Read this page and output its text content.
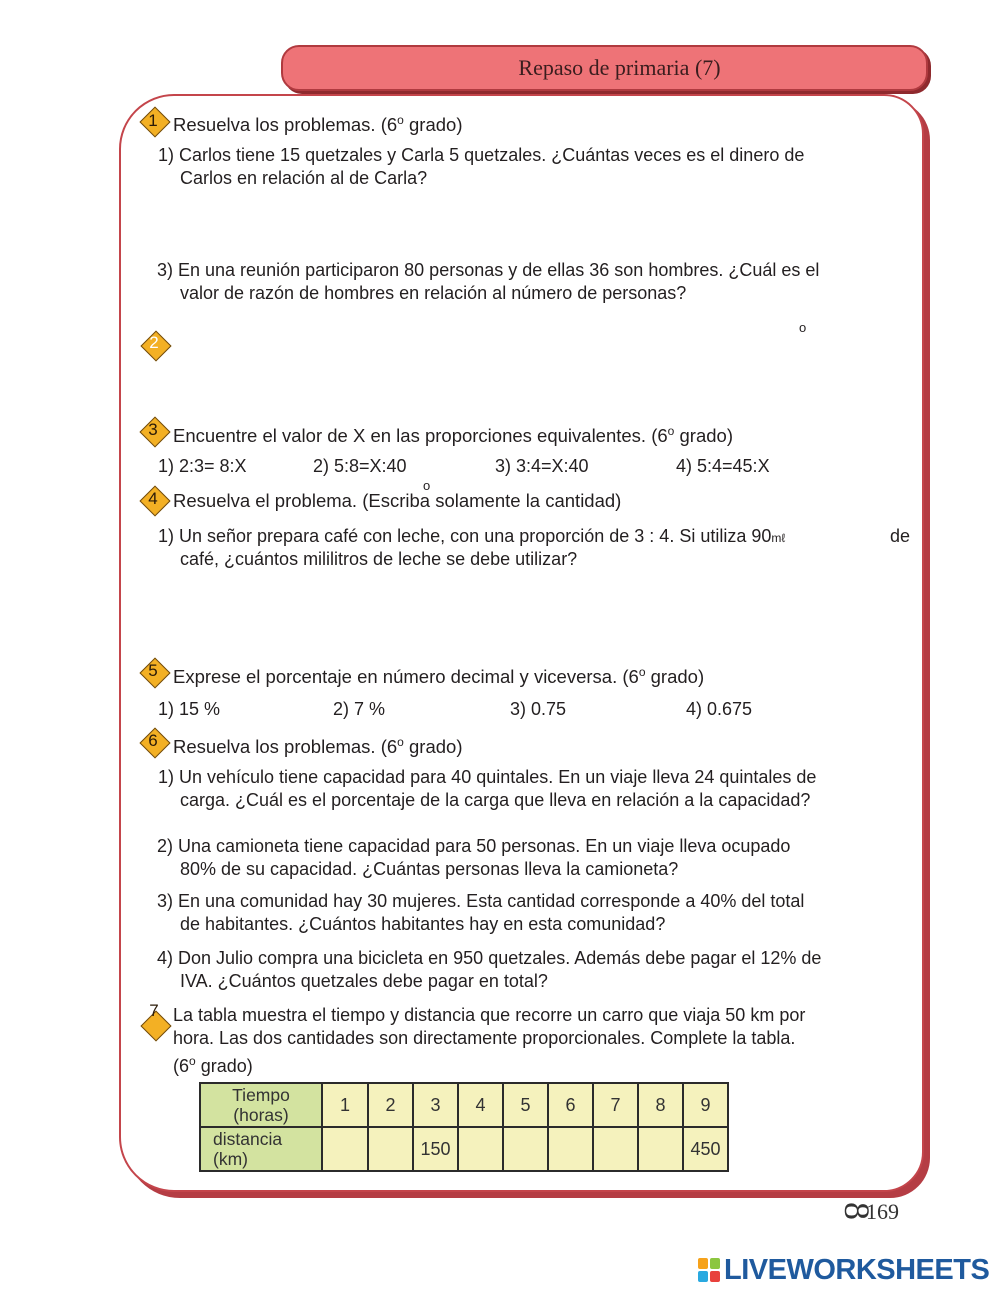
Repaso de primaria (7)
1 Resuelva los problemas. (6$^o$ grado)
1) Carlos tiene 15 quetzales y Carla 5 quetzales. ¿Cuántas veces es el dinero de
Carlos en relación al de Carla?
3) En una reunión participaron 80 personas y de ellas 36 son hombres. ¿Cuál es el
valor de razón de hombres en relación al número de personas?
2
o
3 Encuentre el valor de X en las proporciones equivalentes. (6$^o$ grado)
1) 2:3= 8:X	2) 5:8=X:40	3) 3:4=X:40	4) 5:4=45:X
4 Resuelva el problema. (Escriba solamente la cantidad)
o
1) Un señor prepara café con leche, con una proporción de 3 : 4. Si utiliza 90mℓ	de
café, ¿cuántos mililitros de leche se debe utilizar?
5 Exprese el porcentaje en número decimal y viceversa. (6$^o$ grado)
1) 15 %	2) 7 %	3) 0.75	4) 0.675
6 Resuelva los problemas. (6$^o$ grado)
1) Un vehículo tiene capacidad para 40 quintales. En un viaje lleva 24 quintales de
carga. ¿Cuál es el porcentaje de la carga que lleva en relación a la capacidad?
2) Una camioneta tiene capacidad para 50 personas. En un viaje lleva ocupado
80% de su capacidad. ¿Cuántas personas lleva la camioneta?
3) En una comunidad hay 30 mujeres. Esta cantidad corresponde a 40% del total
de habitantes. ¿Cuántos habitantes hay en esta comunidad?
4) Don Julio compra una bicicleta en 950 quetzales. Además debe pagar el 12% de
IVA. ¿Cuántos quetzales debe pagar en total?
7 La tabla muestra el tiempo y distancia que recorre un carro que viaja 50 km por
hora. Las dos cantidades son directamente proporcionales. Complete la tabla.
(6$^o$ grado)
Tiempo
(horas)	1	2	3	4	5	6	7	8	9

distancia
(km)			150						450
8169
LIVEWORKSHEETS
